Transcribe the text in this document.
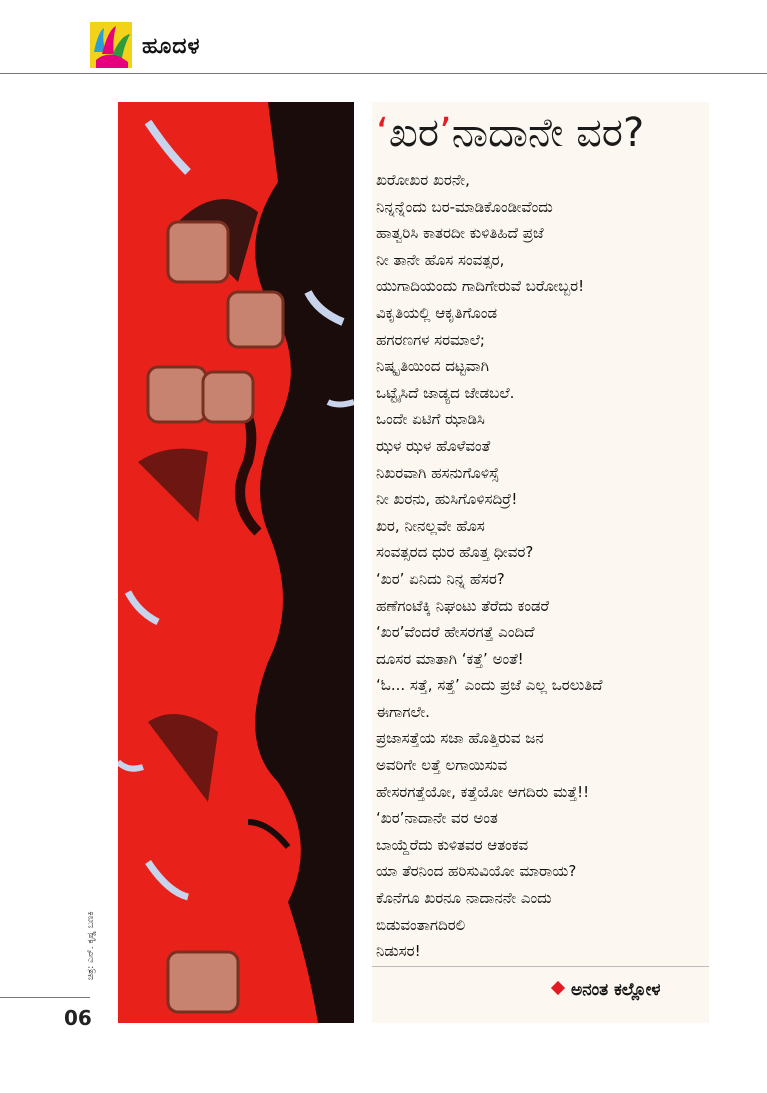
ಹೂದಳ
ಚಿತ್ರ: ಎನ್. ಕೃಷ್ಣ ಬಣಕಿ
‘ಖರ’ನಾದಾನೇ ವರ?
ಖರೋಖರ ಖರನೇ,
ನಿನ್ನನ್ನೆಂದು ಬರ-ಮಾಡಿಕೊಂಡೀವೆಂದು
ಹಾತ್ವರಿಸಿ ಕಾತರದೀ ಕುಳಿತಿಹಿದೆ ಪ್ರಜೆ
ನೀ ತಾನೇ ಹೊಸ ಸಂವತ್ಸರ,
ಯುಗಾದಿಯಂದು ಗಾದಿಗೇರುವೆ ಬರೋಬ್ಬರ!
ವಿಕೃತಿಯಲ್ಲಿ ಆಕೃತಿಗೊಂಡ
ಹಗರಣಗಳ ಸರಮಾಲೆ;
ನಿಷ್ಕೃತಿಯಿಂದ ದಟ್ಟವಾಗಿ
ಒಟ್ಟೈಸಿದೆ ಜಾಡ್ಯದ ಜೇಡಬಲೆ.
ಒಂದೇ ಏಟಿಗೆ ಝಾಡಿಸಿ
ಝಳ ಝಳ ಹೊಳೆವಂತೆ
ನಿಖರವಾಗಿ ಹಸನುಗೊಳಿಸ್ಸೆ
ನೀ ಖರನು, ಹುಸಿಗೊಳಿಸದಿರ್ರೆ!
ಖರ, ನೀನಲ್ಲವೇ ಹೊಸ
ಸಂವತ್ಸರದ ಧುರ ಹೊತ್ತ ಧೀವರ?
‘ಖರ’ ಏನಿದು ನಿನ್ನ ಹೆಸರ?
ಹಣೆಗಂಟೆಕ್ಕಿ ನಿಘಂಟು ತೆರೆದು ಕಂಡರೆ
‘ಖರ’ವೆಂದರೆ ಹೇಸರಗತ್ತೆ ಎಂದಿದೆ
ದೂಸರ ಮಾತಾಗಿ ‘ಕತ್ತೆ’ ಅಂತೆ!
‘ಓ... ಸತ್ತೆ, ಸತ್ತೆ’ ಎಂದು ಪ್ರಜೆ ಎಲ್ಲ ಒರಲುತಿದೆ
ಈಗಾಗಲೇ.
ಪ್ರಜಾಸತ್ತೆಯ ಸಜಾ ಹೊತ್ತಿರುವ ಜನ
ಅವರಿಗೇ ಲತ್ತೆ ಲಗಾಯಿಸುವ
ಹೇಸರಗತ್ತೆಯೋ, ಕತ್ತೆಯೋ ಆಗದಿರು ಮತ್ತೆ!!
‘ಖರ’ನಾದಾನೇ ವರ ಅಂತ
ಬಾಯ್ದೆರೆದು ಕುಳಿತವರ ಆತಂಕವ
ಯಾ ತೆರನಿಂದ ಹರಿಸುವಿಯೋ ಮಾರಾಯ?
ಕೊನೆಗೂ ಖರನೂ ನಾದಾನನೇ ಎಂದು
ಬಿಡುವಂತಾಗದಿರಲಿ
ನಿಡುಸರ!
ಅನಂತ ಕಲ್ಲೋಳ
06
